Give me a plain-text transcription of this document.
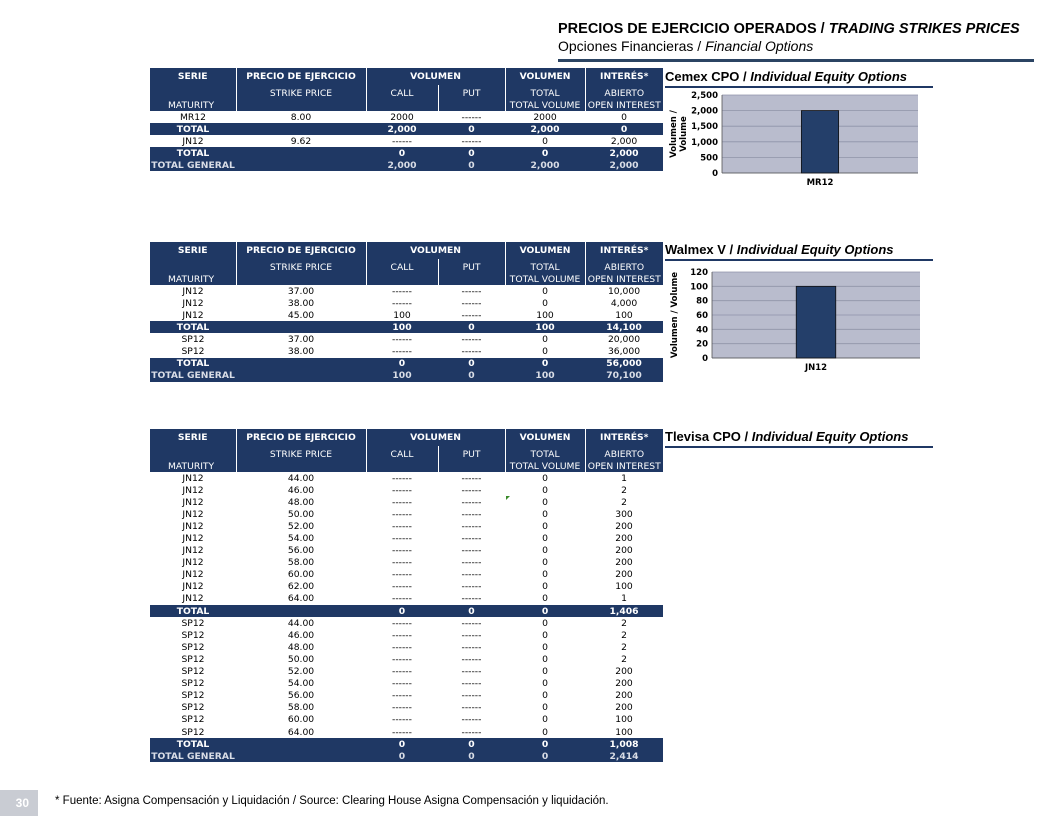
PRECIOS DE EJERCICIO OPERADOS / TRADING STRIKES PRICES
Opciones Financieras / Financial Options
SERIE	PRECIO DE EJERCICIO	VOLUMEN		VOLUMEN	INTERÉS*
	STRIKE PRICE	CALL	PUT	TOTAL	ABIERTO
MATURITY				TOTAL VOLUME	OPEN INTEREST
MR12	8.00	2000	------	2000	0
TOTAL		2,000	0	2,000	0
JN12	9.62	------	------	0	2,000
TOTAL		0	0	0	2,000
TOTAL GENERAL		2,000	0	2,000	2,000
SERIE	PRECIO DE EJERCICIO	VOLUMEN		VOLUMEN	INTERÉS*
	STRIKE PRICE	CALL	PUT	TOTAL	ABIERTO
MATURITY				TOTAL VOLUME	OPEN INTEREST
JN12	37.00	------	------	0	10,000
JN12	38.00	------	------	0	4,000
JN12	45.00	100	------	100	100
TOTAL		100	0	100	14,100
SP12	37.00	------	------	0	20,000
SP12	38.00	------	------	0	36,000
TOTAL		0	0	0	56,000
TOTAL GENERAL		100	0	100	70,100
SERIE	PRECIO DE EJERCICIO	VOLUMEN		VOLUMEN	INTERÉS*
	STRIKE PRICE	CALL	PUT	TOTAL	ABIERTO
MATURITY				TOTAL VOLUME	OPEN INTEREST
JN12	44.00	------	------	0	1
JN12	46.00	------	------	0	2
JN12	48.00	------	------	0	2
JN12	50.00	------	------	0	300
JN12	52.00	------	------	0	200
JN12	54.00	------	------	0	200
JN12	56.00	------	------	0	200
JN12	58.00	------	------	0	200
JN12	60.00	------	------	0	200
JN12	62.00	------	------	0	100
JN12	64.00	------	------	0	1
TOTAL		0	0	0	1,406
SP12	44.00	------	------	0	2
SP12	46.00	------	------	0	2
SP12	48.00	------	------	0	2
SP12	50.00	------	------	0	2
SP12	52.00	------	------	0	200
SP12	54.00	------	------	0	200
SP12	56.00	------	------	0	200
SP12	58.00	------	------	0	200
SP12	60.00	------	------	0	100
SP12	64.00	------	------	0	100
TOTAL		0	0	0	1,008
TOTAL GENERAL		0	0	0	2,414
Cemex CPO / Individual Equity Options
Walmex V / Individual Equity Options
Tlevisa CPO / Individual Equity Options
0
500
1,000
1,500
2,000
2,500
MR12
Volumen / Volume
0
20
40
60
80
100
120
JN12
Volumen / Volume
30	* Fuente: Asigna Compensación y Liquidación / Source: Clearing House Asigna Compensación y liquidación.
